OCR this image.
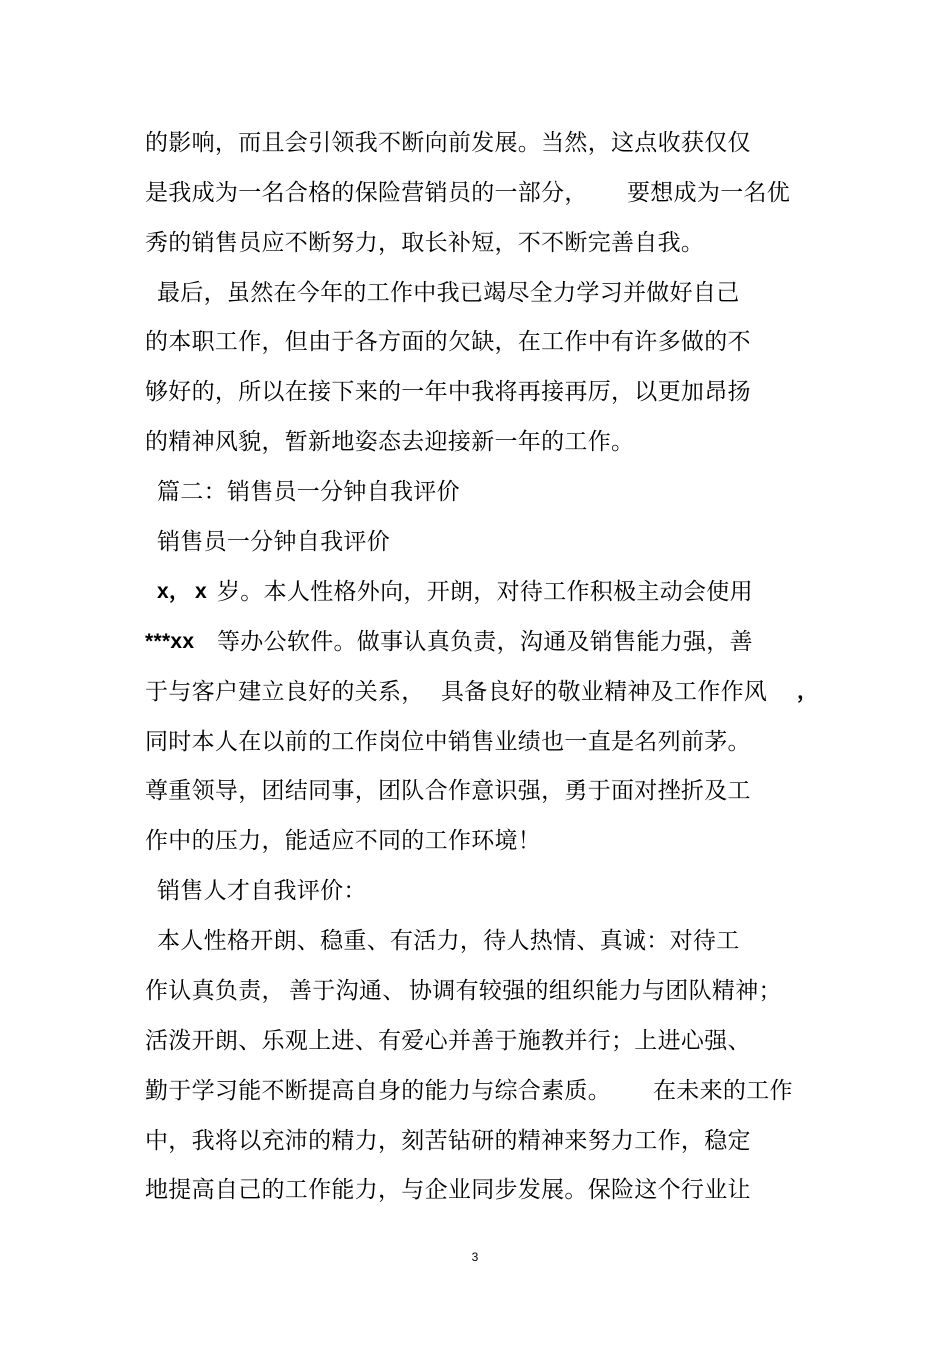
的影响，而且会引领我不断向前发展。当然，这点收获仅仅
是我成为一名合格的保险营销员的一部分， 要想成为一名优
秀的销售员应不断努力，取长补短，不不断完善自我。
最后，虽然在今年的工作中我已竭尽全力学习并做好自己
的本职工作，但由于各方面的欠缺，在工作中有许多做的不
够好的，所以在接下来的一年中我将再接再厉，以更加昂扬
的精神风貌，暂新地姿态去迎接新一年的工作。
篇二：销售员一分钟自我评价
销售员一分钟自我评价
x， x 岁。本人性格外向，开朗，对待工作积极主动会使用
***xx 等办公软件。做事认真负责，沟通及销售能力强，善
于与客户建立良好的关系， 具备良好的敬业精神及工作作风 ，
同时本人在以前的工作岗位中销售业绩也一直是名列前茅。
尊重领导，团结同事，团队合作意识强，勇于面对挫折及工
作中的压力，能适应不同的工作环境！
销售人才自我评价：
本人性格开朗、稳重、有活力，待人热情、真诚：对待工
作认真负责， 善于沟通、 协调有较强的组织能力与团队精神；
活泼开朗、乐观上进、有爱心并善于施教并行；上进心强、
勤于学习能不断提高自身的能力与综合素质。 在未来的工作
中，我将以充沛的精力，刻苦钻研的精神来努力工作，稳定
地提高自己的工作能力，与企业同步发展。保险这个行业让
3
